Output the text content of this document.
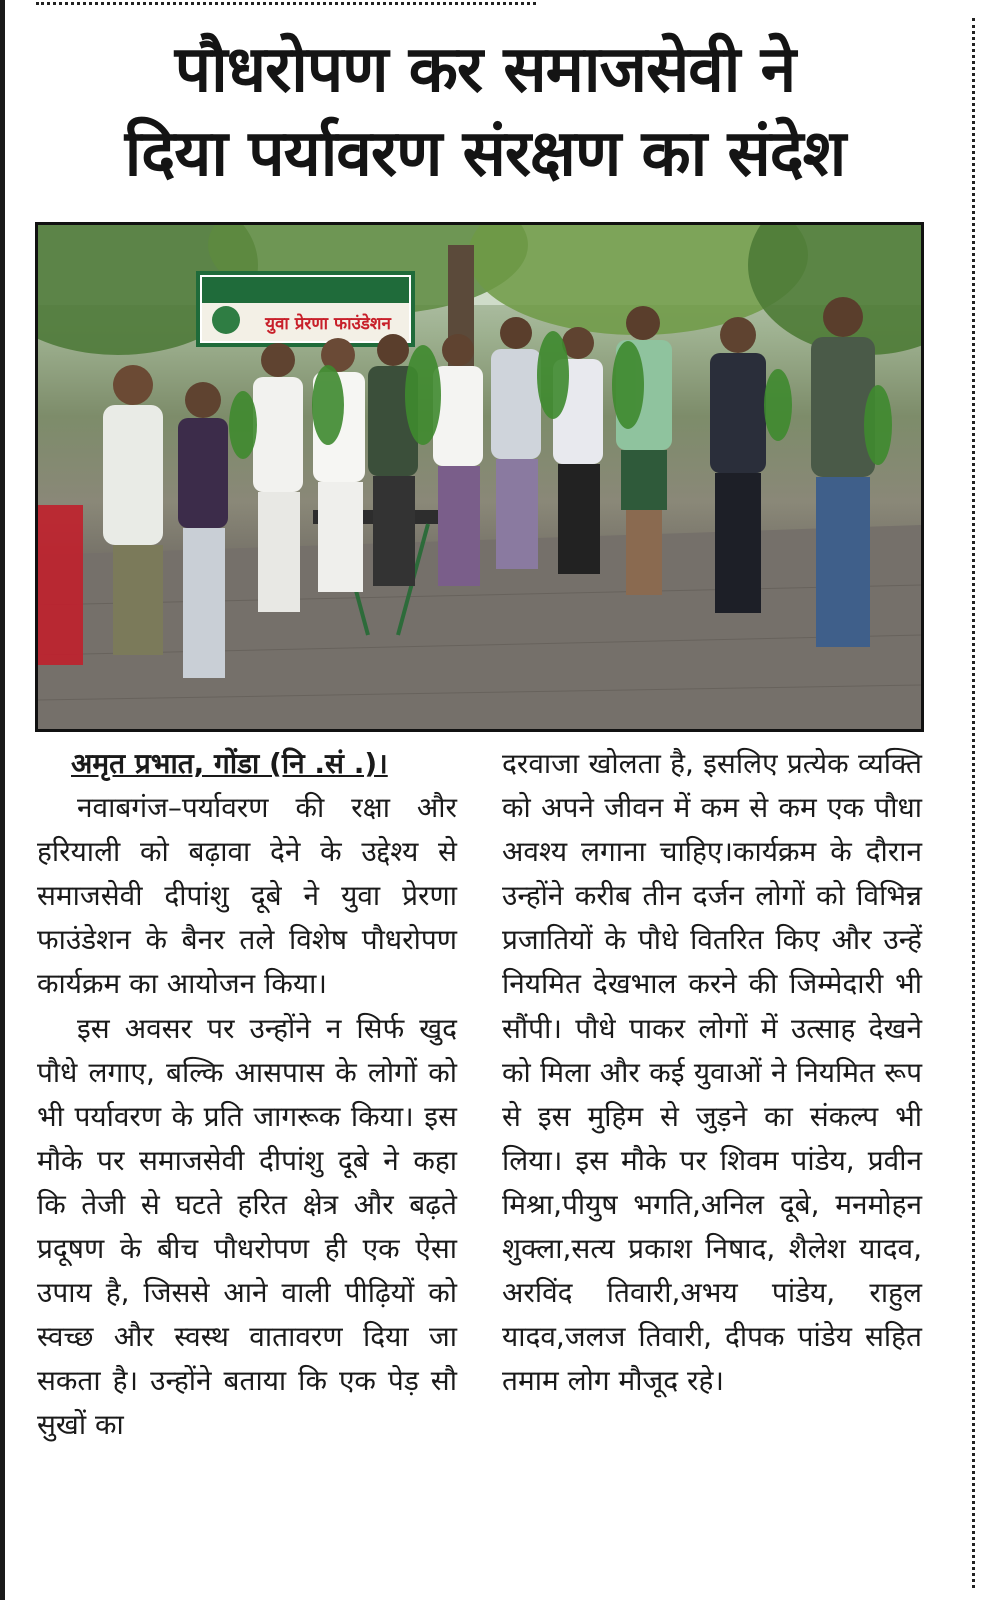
पौधरोपण कर समाजसेवी ने
दिया पर्यावरण संरक्षण का संदेश
युवा प्रेरणा फाउंडेशन
अमृत प्रभात, गोंडा (नि .सं .)।

नवाबगंज–पर्यावरण की रक्षा और हरियाली को बढ़ावा देने के उद्देश्य से समाजसेवी दीपांशु दूबे ने युवा प्रेरणा फाउंडेशन के बैनर तले विशेष पौधरोपण कार्यक्रम का आयोजन किया।

इस अवसर पर उन्होंने न सिर्फ खुद पौधे लगाए, बल्कि आसपास के लोगों को भी पर्यावरण के प्रति जागरूक किया। इस मौके पर समाजसेवी दीपांशु दूबे ने कहा कि तेजी से घटते हरित क्षेत्र और बढ़ते प्रदूषण के बीच पौधरोपण ही एक ऐसा उपाय है, जिससे आने वाली पीढ़ियों को स्वच्छ और स्वस्थ वातावरण दिया जा सकता है। उन्होंने बताया कि एक पेड़ सौ सुखों का

दरवाजा खोलता है, इसलिए प्रत्येक व्यक्ति को अपने जीवन में कम से कम एक पौधा अवश्य लगाना चाहिए।कार्यक्रम के दौरान उन्होंने करीब तीन दर्जन लोगों को विभिन्न प्रजातियों के पौधे वितरित किए और उन्हें नियमित देखभाल करने की जिम्मेदारी भी सौंपी। पौधे पाकर लोगों में उत्साह देखने को मिला और कई युवाओं ने नियमित रूप से इस मुहिम से जुड़ने का संकल्प भी लिया। इस मौके पर शिवम पांडेय, प्रवीन मिश्रा,पीयुष भगति,अनिल दूबे, मनमोहन शुक्ला,सत्य प्रकाश निषाद, शैलेश यादव, अरविंद तिवारी,अभय पांडेय, राहुल यादव,जलज तिवारी, दीपक पांडेय सहित तमाम लोग मौजूद रहे।
